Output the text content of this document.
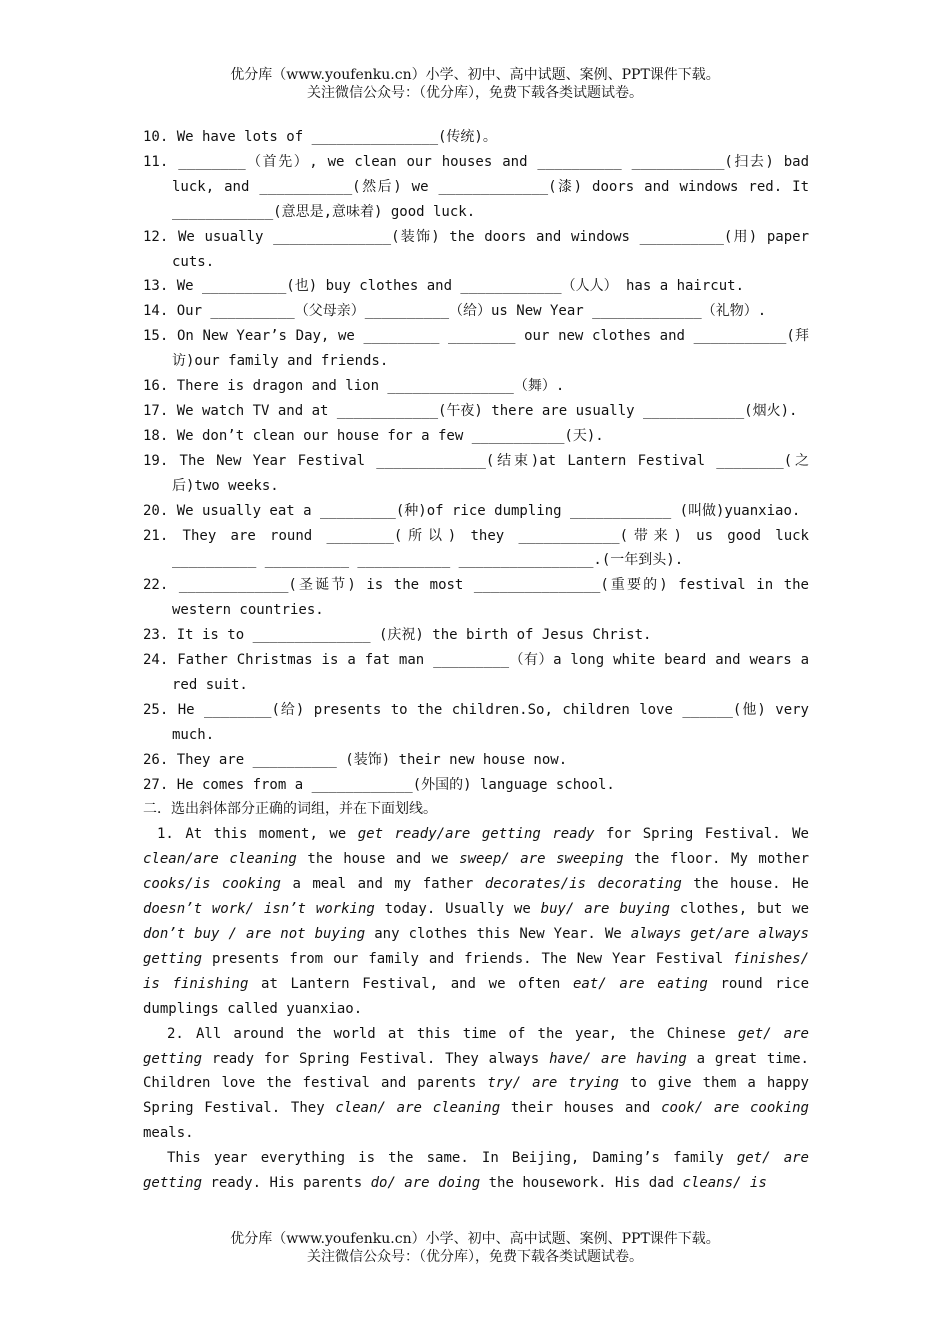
优分库（www.youfenku.cn）小学、初中、高中试题、案例、PPT课件下载。
关注微信公众号：（优分库），免费下载各类试题试卷。
10. We have lots of _______________(传统)。
11. ________（首先）, we clean our houses and __________ ___________(扫去) bad luck, and ___________(然后) we _____________(漆) doors and windows red. It ____________(意思是,意味着) good luck.
12. We usually ______________(装饰) the doors and windows __________(用) paper cuts.
13. We __________(也) buy clothes and ____________（人人） has a haircut.
14. Our __________（父母亲）__________（给）us New Year _____________（礼物）.
15. On New Year’s Day, we _________ ________ our new clothes and ___________(拜访)our family and friends.
16. There is dragon and lion _______________（舞）.
17. We watch TV and at ____________(午夜) there are usually ____________(烟火).
18. We don’t clean our house for a few ___________(天).
19. The New Year Festival _____________(结束)at Lantern Festival ________(之后)two weeks.
20. We usually eat a _________(种)of rice dumpling ____________ (叫做)yuanxiao.
21. They are round ________(所以) they ____________(带来) us good luck __________ __________ ___________ ________________.(一年到头).
22. _____________(圣诞节) is the most _______________(重要的) festival in the western countries.
23. It is to ______________ (庆祝) the birth of Jesus Christ.
24. Father Christmas is a fat man _________（有）a long white beard and wears a red suit.
25. He ________(给) presents to the children.So, children love ______(他) very much.
26. They are __________ (装饰) their new house now.
27. He comes from a ____________(外国的) language school.
二．选出斜体部分正确的词组，并在下面划线。
1. At this moment, we get ready/are getting ready for Spring Festival. We clean/are cleaning the house and we sweep/ are sweeping the floor. My mother cooks/is cooking a meal and my father decorates/is decorating the house. He doesn’t work/ isn’t working today. Usually we buy/ are buying clothes, but we don’t buy / are not buying any clothes this New Year. We always get/are always getting presents from our family and friends. The New Year Festival finishes/ is finishing at Lantern Festival, and we often eat/ are eating round rice dumplings called yuanxiao.
2. All around the world at this time of the year, the Chinese get/ are getting ready for Spring Festival. They always have/ are having a great time. Children love the festival and parents try/ are trying to give them a happy Spring Festival. They clean/ are cleaning their houses and cook/ are cooking meals.
This year everything is the same. In Beijing, Daming’s family get/ are getting ready. His parents do/ are doing the housework. His dad cleans/ is
优分库（www.youfenku.cn）小学、初中、高中试题、案例、PPT课件下载。
关注微信公众号：（优分库），免费下载各类试题试卷。
